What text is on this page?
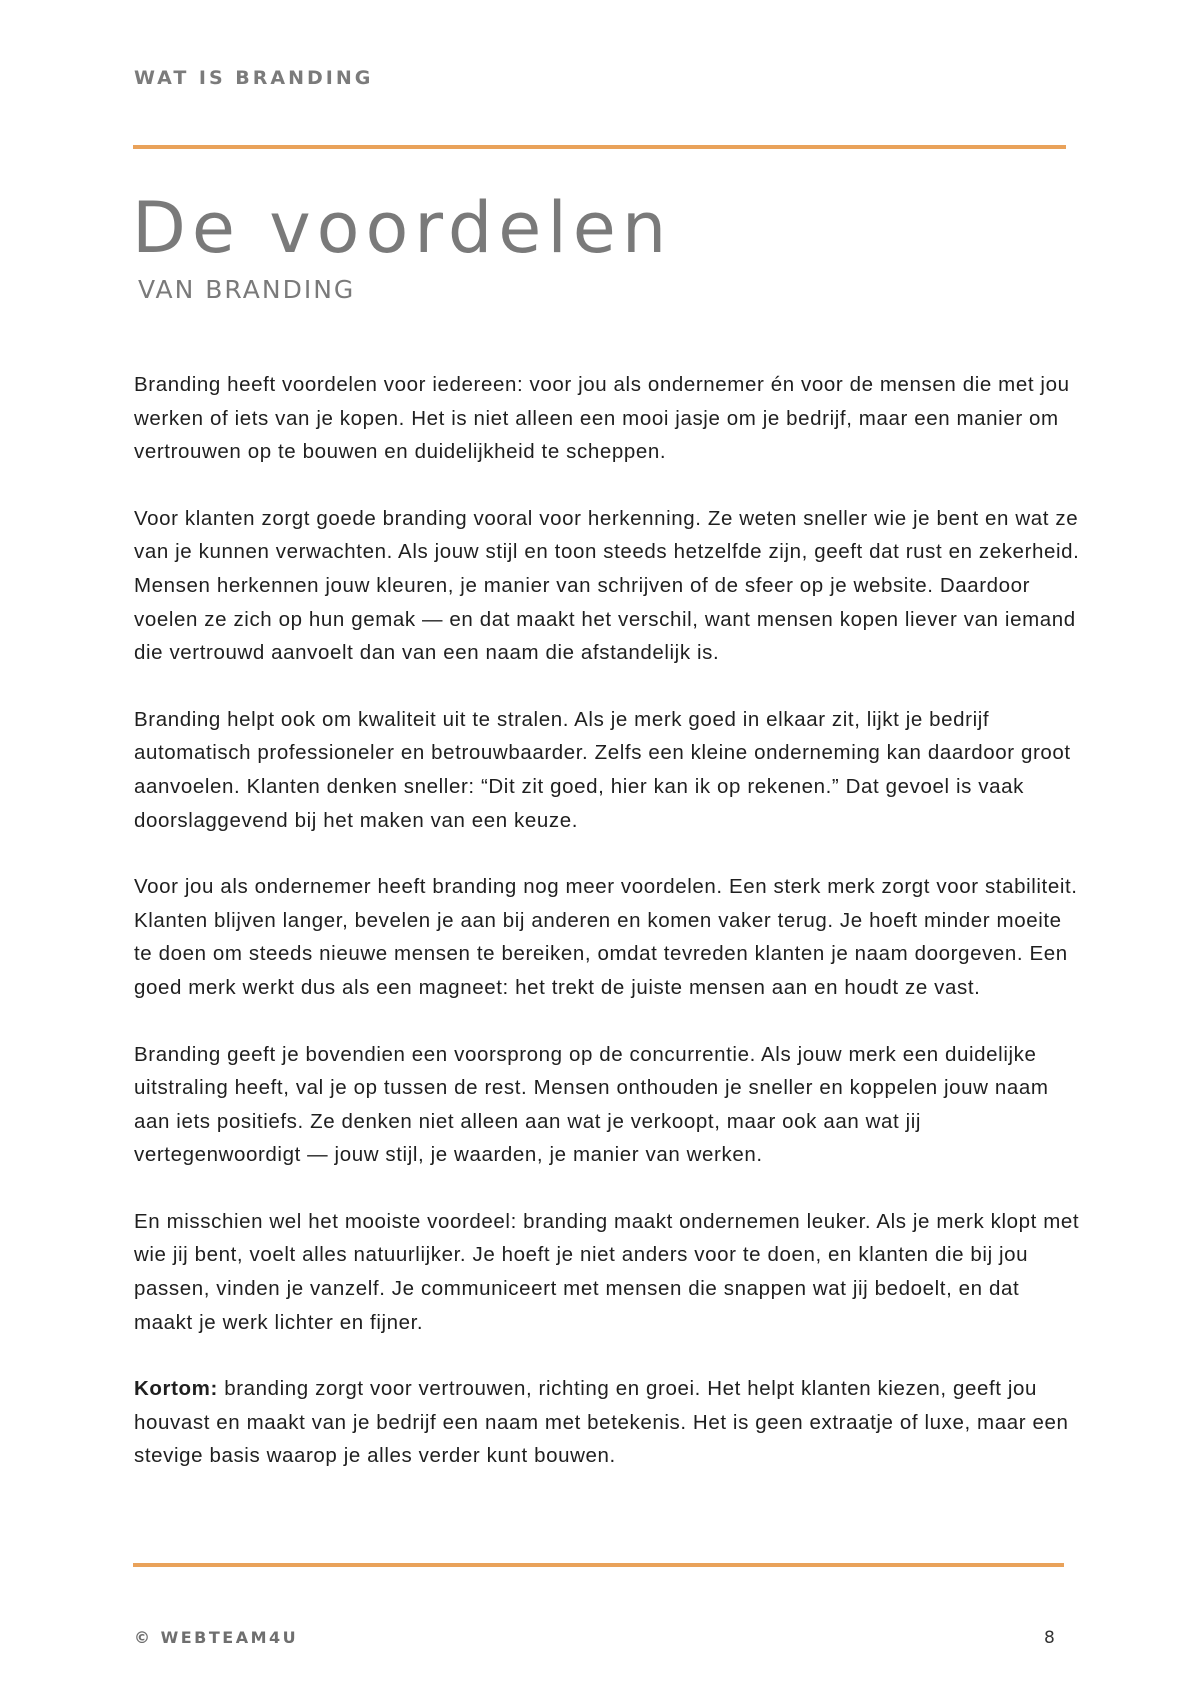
WAT IS BRANDING
De voordelen
VAN BRANDING

Branding heeft voordelen voor iedereen: voor jou als ondernemer én voor de mensen die met jou werken of iets van je kopen. Het is niet alleen een mooi jasje om je bedrijf, maar een manier om vertrouwen op te bouwen en duidelijkheid te scheppen.

Voor klanten zorgt goede branding vooral voor herkenning. Ze weten sneller wie je bent en wat ze van je kunnen verwachten. Als jouw stijl en toon steeds hetzelfde zijn, geeft dat rust en zekerheid. Mensen herkennen jouw kleuren, je manier van schrijven of de sfeer op je website. Daardoor voelen ze zich op hun gemak — en dat maakt het verschil, want mensen kopen liever van iemand die vertrouwd aanvoelt dan van een naam die afstandelijk is.

Branding helpt ook om kwaliteit uit te stralen. Als je merk goed in elkaar zit, lijkt je bedrijf automatisch professioneler en betrouwbaarder. Zelfs een kleine onderneming kan daardoor groot aanvoelen. Klanten denken sneller: “Dit zit goed, hier kan ik op rekenen.” Dat gevoel is vaak doorslaggevend bij het maken van een keuze.

Voor jou als ondernemer heeft branding nog meer voordelen. Een sterk merk zorgt voor stabiliteit. Klanten blijven langer, bevelen je aan bij anderen en komen vaker terug. Je hoeft minder moeite te doen om steeds nieuwe mensen te bereiken, omdat tevreden klanten je naam doorgeven. Een goed merk werkt dus als een magneet: het trekt de juiste mensen aan en houdt ze vast.

Branding geeft je bovendien een voorsprong op de concurrentie. Als jouw merk een duidelijke uitstraling heeft, val je op tussen de rest. Mensen onthouden je sneller en koppelen jouw naam aan iets positiefs. Ze denken niet alleen aan wat je verkoopt, maar ook aan wat jij vertegenwoordigt — jouw stijl, je waarden, je manier van werken.

En misschien wel het mooiste voordeel: branding maakt ondernemen leuker. Als je merk klopt met wie jij bent, voelt alles natuurlijker. Je hoeft je niet anders voor te doen, en klanten die bij jou passen, vinden je vanzelf. Je communiceert met mensen die snappen wat jij bedoelt, en dat maakt je werk lichter en fijner.

Kortom: branding zorgt voor vertrouwen, richting en groei. Het helpt klanten kiezen, geeft jou houvast en maakt van je bedrijf een naam met betekenis. Het is geen extraatje of luxe, maar een stevige basis waarop je alles verder kunt bouwen.

© WEBTEAM4U	8
